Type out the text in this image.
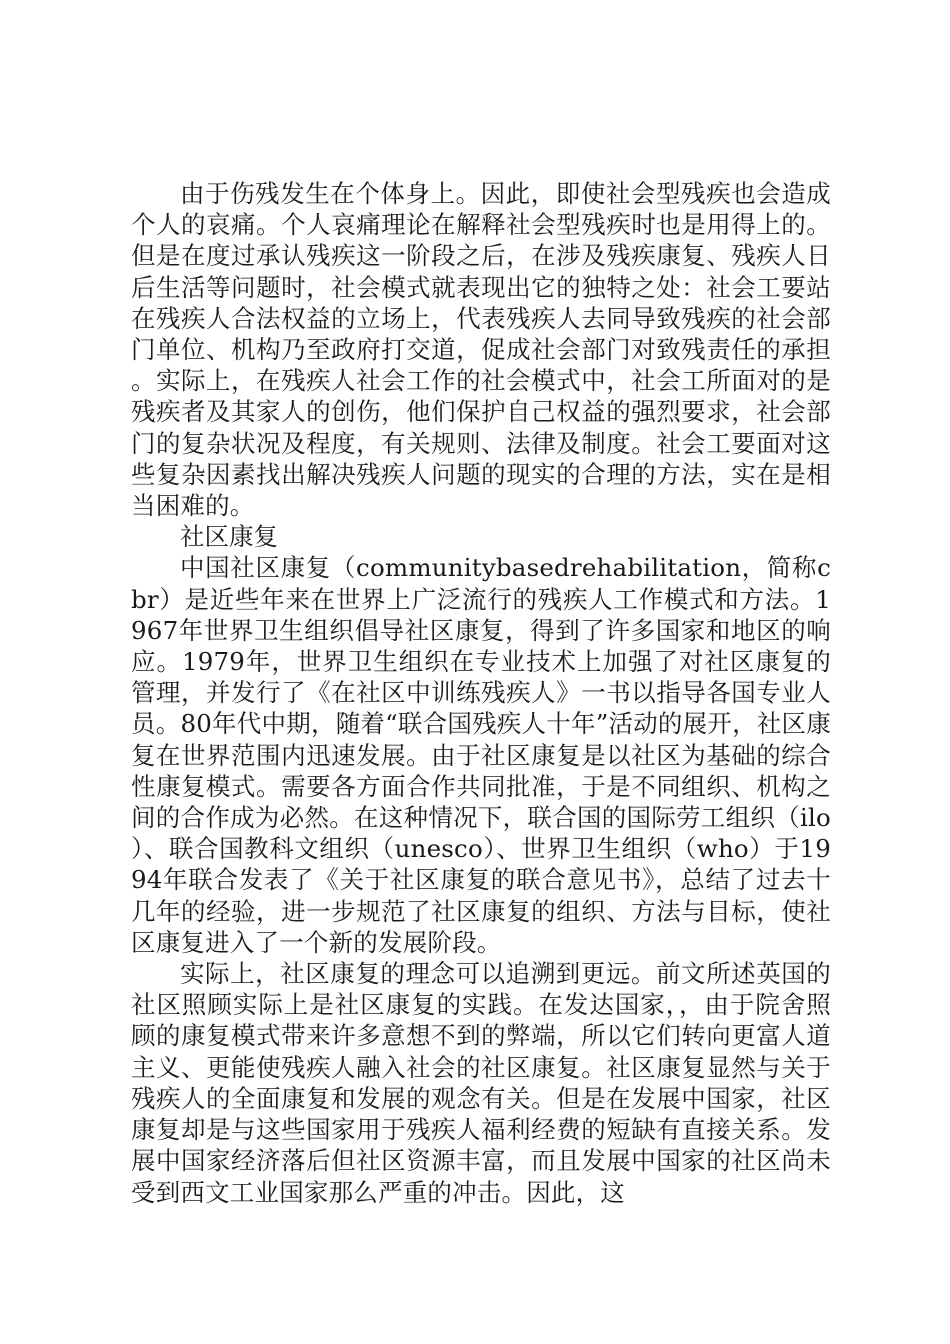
由于伤残发生在个体身上。因此，即使社会型残疾也会造成个人的哀痛。个人哀痛理论在解释社会型残疾时也是用得上的。但是在度过承认残疾这一阶段之后，在涉及残疾康复、残疾人日后生活等问题时，社会模式就表现出它的独特之处：社会工要站在残疾人合法权益的立场上，代表残疾人去同导致残疾的社会部门单位、机构乃至政府打交道，促成社会部门对致残责任的承担。实际上，在残疾人社会工作的社会模式中，社会工所面对的是残疾者及其家人的创伤，他们保护自己权益的强烈要求，社会部门的复杂状况及程度，有关规则、法律及制度。社会工要面对这些复杂因素找出解决残疾人问题的现实的合理的方法，实在是相当困难的。

社区康复

中国社区康复（communitybasedrehabilitation，简称cbr）是近些年来在世界上广泛流行的残疾人工作模式和方法。1967年世界卫生组织倡导社区康复，得到了许多国家和地区的响应。1979年，世界卫生组织在专业技术上加强了对社区康复的管理，并发行了《在社区中训练残疾人》一书以指导各国专业人员。80年代中期，随着“联合国残疾人十年”活动的展开，社区康复在世界范围内迅速发展。由于社区康复是以社区为基础的综合性康复模式。需要各方面合作共同批准，于是不同组织、机构之间的合作成为必然。在这种情况下，联合国的国际劳工组织（ilo）、联合国教科文组织（unesco）、世界卫生组织（who）于1994年联合发表了《关于社区康复的联合意见书》，总结了过去十几年的经验，进一步规范了社区康复的组织、方法与目标，使社区康复进入了一个新的发展阶段。

实际上，社区康复的理念可以追溯到更远。前文所述英国的社区照顾实际上是社区康复的实践。在发达国家，，由于院舍照顾的康复模式带来许多意想不到的弊端，所以它们转向更富人道主义、更能使残疾人融入社会的社区康复。社区康复显然与关于残疾人的全面康复和发展的观念有关。但是在发展中国家，社区康复却是与这些国家用于残疾人福利经费的短缺有直接关系。发展中国家经济落后但社区资源丰富，而且发展中国家的社区尚未受到西文工业国家那么严重的冲击。因此，这
